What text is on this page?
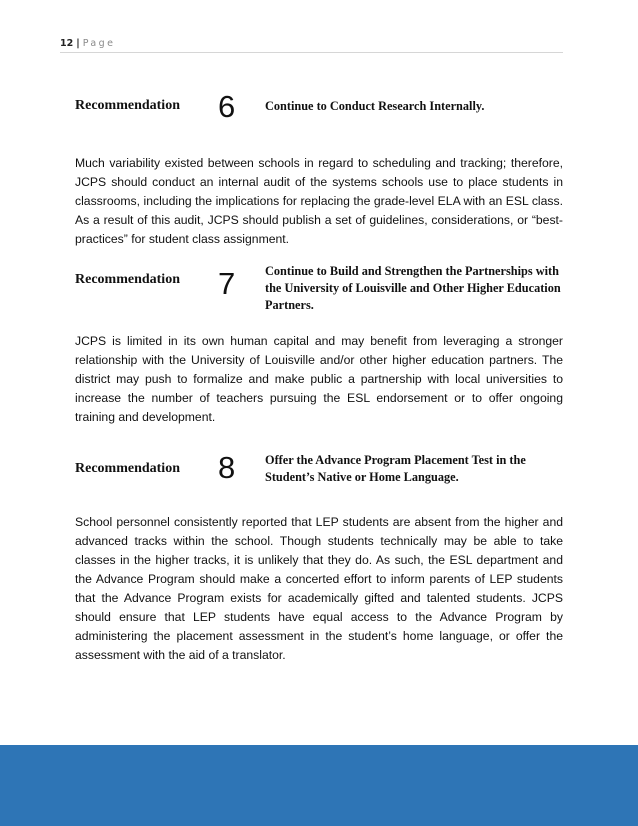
12 | Page
Recommendation 6 Continue to Conduct Research Internally.

Much variability existed between schools in regard to scheduling and tracking; therefore, JCPS should conduct an internal audit of the systems schools use to place students in classrooms, including the implications for replacing the grade-level ELA with an ESL class. As a result of this audit, JCPS should publish a set of guidelines, considerations, or “best-practices” for student class assignment.

Recommendation 7 Continue to Build and Strengthen the Partnerships with the University of Louisville and Other Higher Education Partners.

JCPS is limited in its own human capital and may benefit from leveraging a stronger relationship with the University of Louisville and/or other higher education partners. The district may push to formalize and make public a partnership with local universities to increase the number of teachers pursuing the ESL endorsement or to offer ongoing training and development.

Recommendation 8 Offer the Advance Program Placement Test in the Student’s Native or Home Language.

School personnel consistently reported that LEP students are absent from the higher and advanced tracks within the school. Though students technically may be able to take classes in the higher tracks, it is unlikely that they do. As such, the ESL department and the Advance Program should make a concerted effort to inform parents of LEP students that the Advance Program exists for academically gifted and talented students. JCPS should ensure that LEP students have equal access to the Advance Program by administering the placement assessment in the student’s home language, or offer the assessment with the aid of a translator.
